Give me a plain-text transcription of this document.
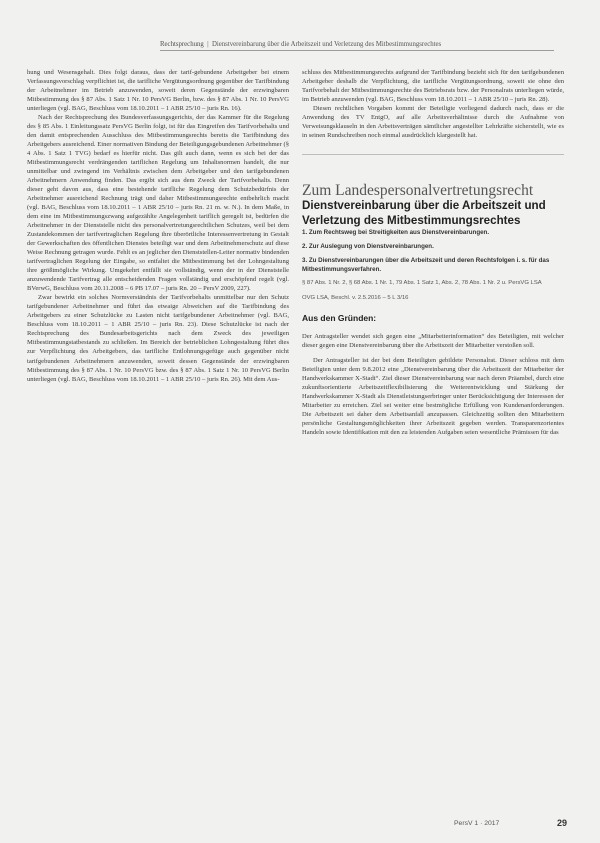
Rechtsprechung  |  Dienstvereinbarung über die Arbeitszeit und Verletzung des Mitbestimmungsrechtes

hung und Wesensgehalt. Dies folgt daraus, dass der tarif-gebundene Arbeitgeber bei einem Verfassungsvorschlag verpflichtet ist, die tarifliche Vergütungsordnung gegenüber der Tarifbindung der Arbeitnehmer im Betrieb anzuwenden, soweit deren Gegenstände der erzwingbaren Mitbestimmung des § 87 Abs. 1 Satz 1 Nr. 10 PersVG Berlin, bzw. des § 87 Abs. 1 Nr. 10 PersVG unterliegen (vgl. BAG, Beschluss vom 18.10.2011 – 1 ABR 25/10 – juris Rn. 16).

Nach der Rechtsprechung des Bundesverfassungsgerichts, der das Kammer für die Regelung des § 85 Abs. 1 Einleitungssatz PersVG Berlin folgt, ist für das Eingreifen des Tarifvorbehalts und den damit entsprechenden Ausschluss des Mitbestimmungsrechts bereits die Tarifbindung des Arbeitgebers ausreichend. Einer normativen Bindung der Beteiligungsgebundenen Arbeitnehmer (§ 4 Abs. 1 Satz 1 TVG) bedarf es hierfür nicht. Das gilt auch dann, wenn es sich bei der das Mitbestimmungsrecht verdrängenden tariflichen Regelung um Inhaltsnormen handelt, die nur unmittelbar und zwingend im Verhältnis zwischen dem Arbeitgeber und den tarifgebundenen Arbeitnehmern Anwendung finden. Das ergibt sich aus dem Zweck der Tarifvorbehalts. Denn dieser geht davon aus, dass eine bestehende tarifliche Regelung dem Schutzbedürfnis der Arbeitnehmer ausreichend Rechnung trägt und daher Mitbestimmungsrechte entbehrlich macht (vgl. BAG, Beschluss vom 18.10.2011 – 1 ABR 25/10 – juris Rn. 21 m. w. N.). In dem Maße, in dem eine im Mitbestimmungszwang aufgezählte Angelegenheit tariflich geregelt ist, bedürfen die Arbeitnehmer in der Dienststelle nicht des personalvertretungsrechtlichen Schutzes, weil bei dem Zustandekommen der tarifvertraglichen Regelung ihre überörtliche Interessenvertretung in Gestalt der Gewerkschaften des öffentlichen Dienstes beteiligt war und dem Arbeitnehmerschutz auf diese Weise Rechnung getragen wurde. Fehlt es an jeglicher den Dienststellen-Leiter normativ bindenden tarifvertraglichen Regelung der Eingabe, so entfaltet die Mitbestimmung bei der Lohngestaltung ihre größtmögliche Wirkung. Umgekehrt entfällt sie vollständig, wenn der in der Dienststelle anzuwendende Tarifvertrag alle entscheidenden Fragen vollständig und erschöpfend regelt (vgl. BVerwG, Beschluss vom 20.11.2008 – 6 PB 17.07 – juris Rn. 20 – PersV 2009, 227).

Zwar bewirkt ein solches Normverständnis der Tarifvorbehalts unmittelbar nur den Schutz tarifgebundener Arbeitnehmer und führt das etwaige Abweichen auf die Tarifbindung des Arbeitgebers zu einer Schutzlücke zu Lasten nicht tarifgebundener Arbeitnehmer (vgl. BAG, Beschluss vom 18.10.2011 – 1 ABR 25/10 – juris Rn. 23). Diese Schutzlücke ist nach der Rechtsprechung des Bundesarbeitsgerichts nach dem Zweck des jeweiligen Mitbestimmungstatbestands zu schließen. Im Bereich der betrieblichen Lohngestaltung führt dies zur Verpflichtung des Arbeitgebers, das tarifliche Entlohnungsgefüge auch gegenüber nicht tarifgebundenen Arbeitnehmern anzuwenden, soweit dessen Gegenstände der erzwingbaren Mitbestimmung des § 87 Abs. 1 Nr. 10 PersVG bzw. des § 87 Abs. 1 Satz 1 Nr. 10 PersVG Berlin unterliegen (vgl. BAG, Beschluss vom 18.10.2011 – 1 ABR 25/10 – juris Rn. 26). Mit dem Aus-

schluss des Mitbestimmungsrechts aufgrund der Tarifbindung bezieht sich für den tarifgebundenen Arbeitgeber deshalb die Verpflichtung, die tarifliche Vergütungsordnung, soweit sie ohne den Tarifvorbehalt der Mitbestimmungsrechte des Betriebsrats bzw. der Personalrats unterliegen würde, im Betrieb anzuwenden (vgl. BAG, Beschluss vom 18.10.2011 – 1 ABR 25/10 – juris Rn. 28).

Diesen rechtlichen Vorgaben kommt der Beteiligte vorliegend dadurch nach, dass er die Anwendung des TV EntgO, auf alle Arbeitsverhältnisse durch die Aufnahme von Verweisungsklauseln in den Arbeitsverträgen sämtlicher angestellter Lehrkräfte sicherstellt, wie es in seinen Rundschreiben noch einmal ausdrücklich klargestellt hat.

Zum Landespersonalvertretungsrecht

Dienstvereinbarung über die Arbeitszeit und Verletzung des Mitbestimmungsrechtes

1. Zum Rechtsweg bei Streitigkeiten aus Dienstvereinbarungen.

2. Zur Auslegung von Dienstvereinbarungen.

3. Zu Dienstvereinbarungen über die Arbeitszeit und deren Rechtsfolgen i. s. für das Mitbestimmungsverfahren.

§ 87 Abs. 1 Nr. 2, § 68 Abs. 1 Nr. 1, 79 Abs. 1 Satz 1, Abs. 2, 78 Abs. 1 Nr. 2 u. PersVG LSA

OVG LSA, Beschl. v. 2.5.2016 – 5 L 3/16

Aus den Gründen:

Der Antragsteller wendet sich gegen eine „Mitarbeiterinformation“ des Beteiligten, mit welcher dieser gegen eine Dienstvereinbarung über die Arbeitszeit der Mitarbeiter verstoßen soll.

Der Antragsteller ist der bei dem Beteiligten gebildete Personalrat. Dieser schloss mit dem Beteiligten unter dem 9.8.2012 eine „Dienstvereinbarung über die Arbeitszeit der Mitarbeiter der Handwerkskammer X-Stadt“. Ziel dieser Dienstvereinbarung war nach deren Präambel, durch eine zukunftsorientierte Arbeitszeitflexibilisierung die Weiterentwicklung und Stärkung der Handwerkskammer X-Stadt als Dienstleistungserbringer unter Berücksichtigung der Interessen der Mitarbeiter zu erreichen. Ziel sei weiter eine bestmögliche Erfüllung von Kundenanforderungen. Die Arbeitszeit sei daher dem Arbeitsanfall anzupassen. Gleichzeitig sollten den Mitarbeitern persönliche Gestaltungsmöglichkeiten ihrer Arbeitszeit gegeben werden. Transparenzorientes Handeln sowie Identifikation mit den zu leistenden Aufgaben seien wesentliche Prämissen für das

PersV 1 · 2017	29
